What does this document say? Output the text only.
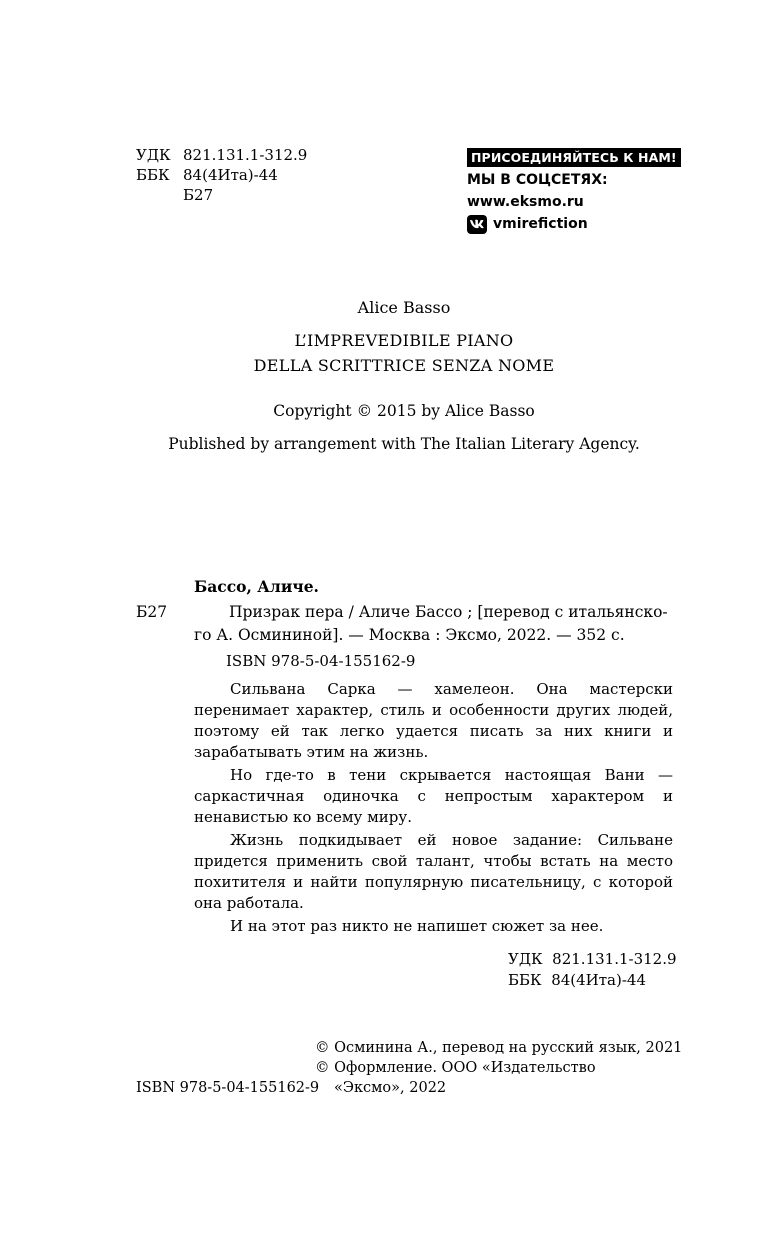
УДК 821.131.1-312.9
ББК 84(4Ита)-44
Б27
ПРИСОЕДИНЯЙТЕСЬ К НАМ!
МЫ В СОЦСЕТЯХ:
www.eksmo.ru
vmirefiction
Alice Basso
L’IMPREVEDIBILE PIANO
DELLA SCRITTRICE SENZA NOME
Copyright © 2015 by Alice Basso
Published by arrangement with The Italian Literary Agency.
Бассо, Аличе.
Б27	Призрак пера / Аличе Бассо ; [перевод с итальянско-
го А. Осмининой]. — Москва : Эксмо, 2022. — 352 с.
ISBN 978-5-04-155162-9
Сильвана Сарка — хамелеон. Она мастерски перенимает характер, стиль и особенности других людей, поэтому ей так легко удается писать за них книги и зарабатывать этим на жизнь.
Но где-то в тени скрывается настоящая Вани — саркастичная одиночка с непростым характером и ненавистью ко всему миру.
Жизнь подкидывает ей новое задание: Сильване придется применить свой талант, чтобы встать на место похитителя и найти популярную писательницу, с которой она работала.
И на этот раз никто не напишет сюжет за нее.
УДК  821.131.1-312.9
ББК  84(4Ита)-44
© Осминина А., перевод на русский язык, 2021
© Оформление. ООО «Издательство
«Эксмо», 2022
ISBN 978-5-04-155162-9
